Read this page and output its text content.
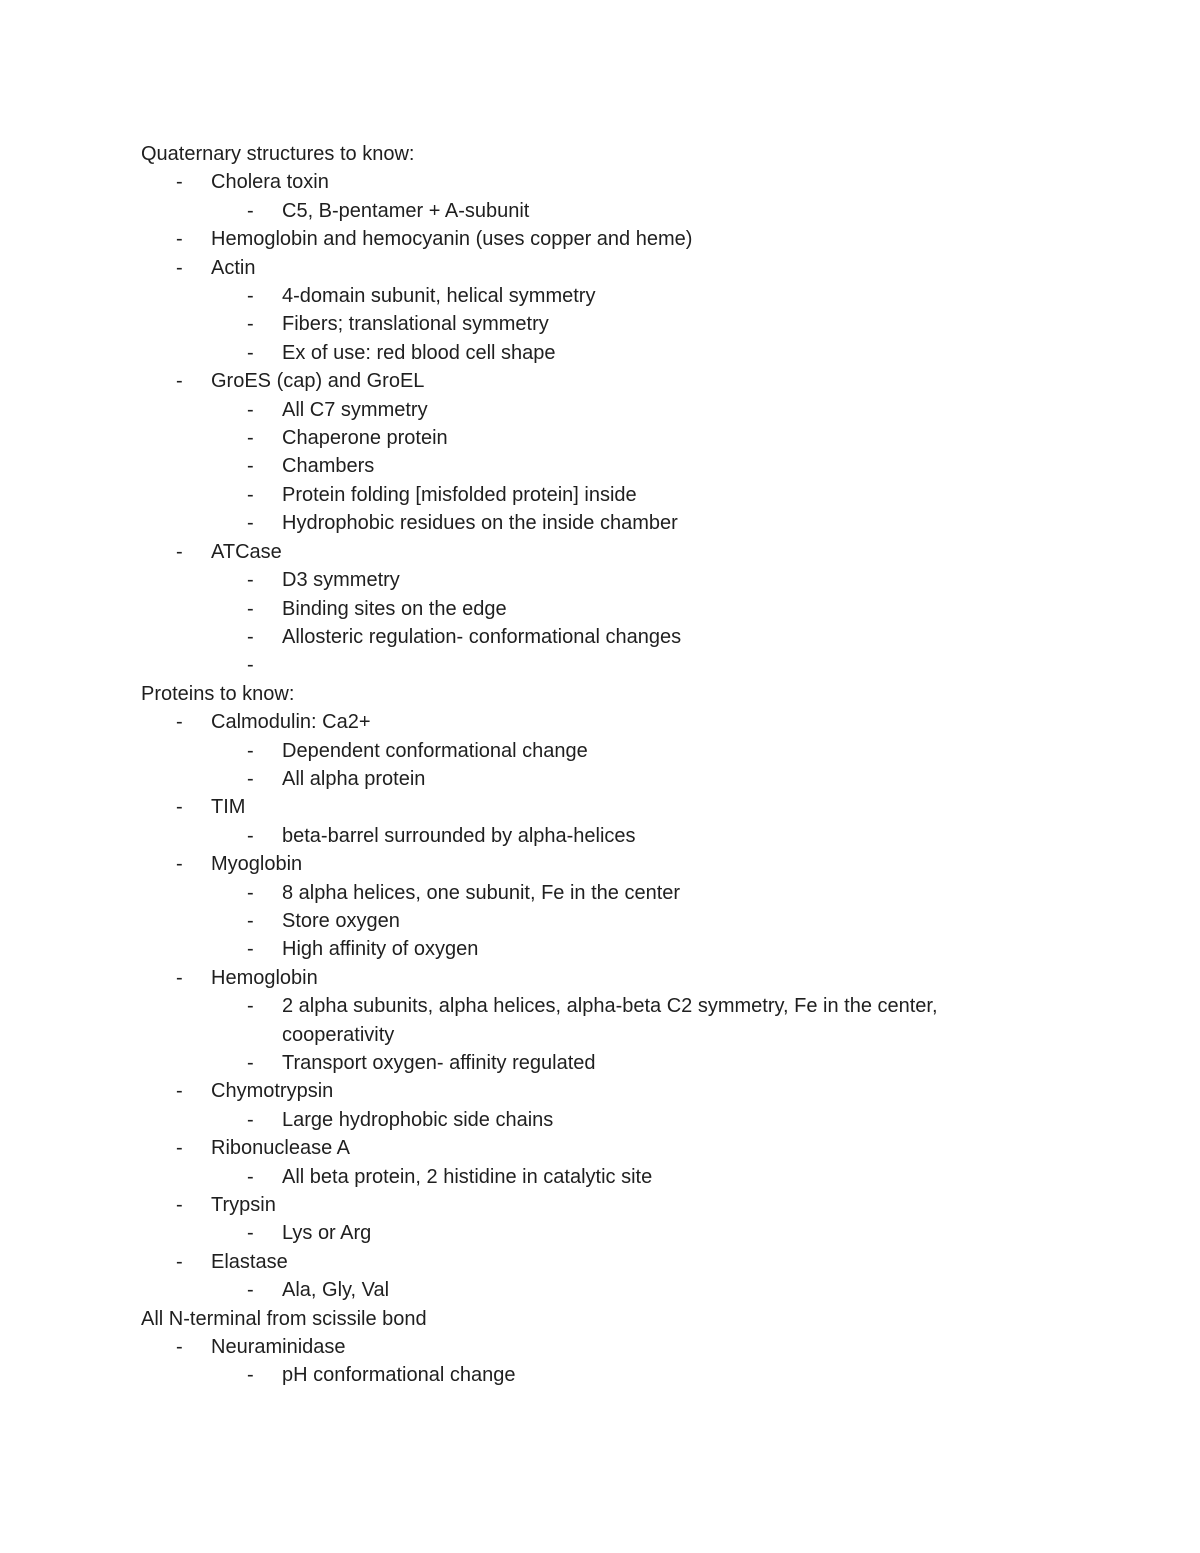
Quaternary structures to know:
- Cholera toxin
- C5, B-pentamer + A-subunit
- Hemoglobin and hemocyanin (uses copper and heme)
- Actin
- 4-domain subunit, helical symmetry
- Fibers; translational symmetry
- Ex of use: red blood cell shape
- GroES (cap) and GroEL
- All C7 symmetry
- Chaperone protein
- Chambers
- Protein folding [misfolded protein] inside
- Hydrophobic residues on the inside chamber
- ATCase
- D3 symmetry
- Binding sites on the edge
- Allosteric regulation- conformational changes
-

Proteins to know:
- Calmodulin: Ca2+
- Dependent conformational change
- All alpha protein
- TIM
- beta-barrel surrounded by alpha-helices
- Myoglobin
- 8 alpha helices, one subunit, Fe in the center
- Store oxygen
- High affinity of oxygen
- Hemoglobin
- 2 alpha subunits, alpha helices, alpha-beta C2 symmetry, Fe in the center, cooperativity
- Transport oxygen- affinity regulated
- Chymotrypsin
- Large hydrophobic side chains
- Ribonuclease A
- All beta protein, 2 histidine in catalytic site
- Trypsin
- Lys or Arg
- Elastase
- Ala, Gly, Val
All N-terminal from scissile bond
- Neuraminidase
- pH conformational change
